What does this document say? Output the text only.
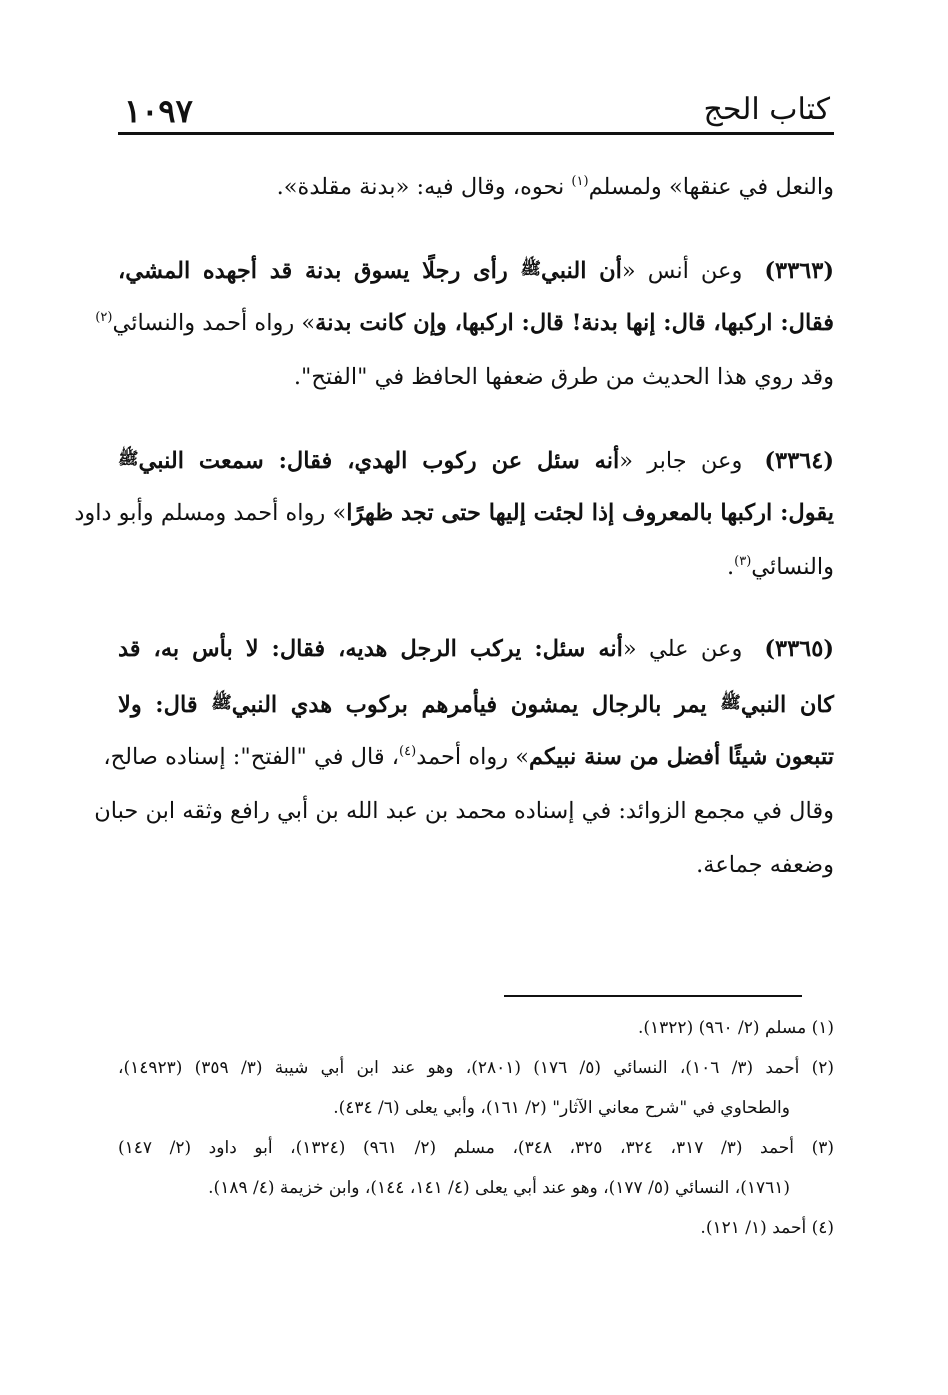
كتاب الحج
١٠٩٧
والنعل في عنقها» ولمسلم$^{(١)}$ نحوه، وقال فيه: «بدنة مقلدة».
(٣٣٦٣)وعن أنس «أن النبيﷺ رأى رجلًا يسوق بدنة قد أجهده المشي،
فقال: اركبها، قال: إنها بدنة! قال: اركبها، وإن كانت بدنة» رواه أحمد والنسائي$^{(٢)}$
وقد روي هذا الحديث من طرق ضعفها الحافظ في "الفتح".
(٣٣٦٤)وعن جابر «أنه سئل عن ركوب الهدي، فقال: سمعت النبيﷺ
يقول: اركبها بالمعروف إذا لجئت إليها حتى تجد ظهرًا» رواه أحمد ومسلم وأبو داود
والنسائي$^{(٣)}$.
(٣٣٦٥)وعن علي «أنه سئل: يركب الرجل هديه، فقال: لا بأس به، قد
كان النبيﷺ يمر بالرجال يمشون فيأمرهم بركوب هدي النبيﷺ قال: ولا
تتبعون شيئًا أفضل من سنة نبيكم» رواه أحمد$^{(٤)}$، قال في "الفتح": إسناده صالح،
وقال في مجمع الزوائد: في إسناده محمد بن عبد الله بن أبي رافع وثقه ابن حبان
وضعفه جماعة.
(١) مسلم (٢/ ٩٦٠) (١٣٢٢).
(٢) أحمد (٣/ ١٠٦)، النسائي (٥/ ١٧٦) (٢٨٠١)، وهو عند ابن أبي شيبة (٣/ ٣٥٩) (١٤٩٢٣)،
والطحاوي في "شرح معاني الآثار" (٢/ ١٦١)، وأبي يعلى (٦/ ٤٣٤).
(٣) أحمد (٣/ ٣١٧، ٣٢٤، ٣٢٥، ٣٤٨)، مسلم (٢/ ٩٦١) (١٣٢٤)، أبو داود (٢/ ١٤٧)
(١٧٦١)، النسائي (٥/ ١٧٧)، وهو عند أبي يعلى (٤/ ١٤١، ١٤٤)، وابن خزيمة (٤/ ١٨٩).
(٤) أحمد (١/ ١٢١).
